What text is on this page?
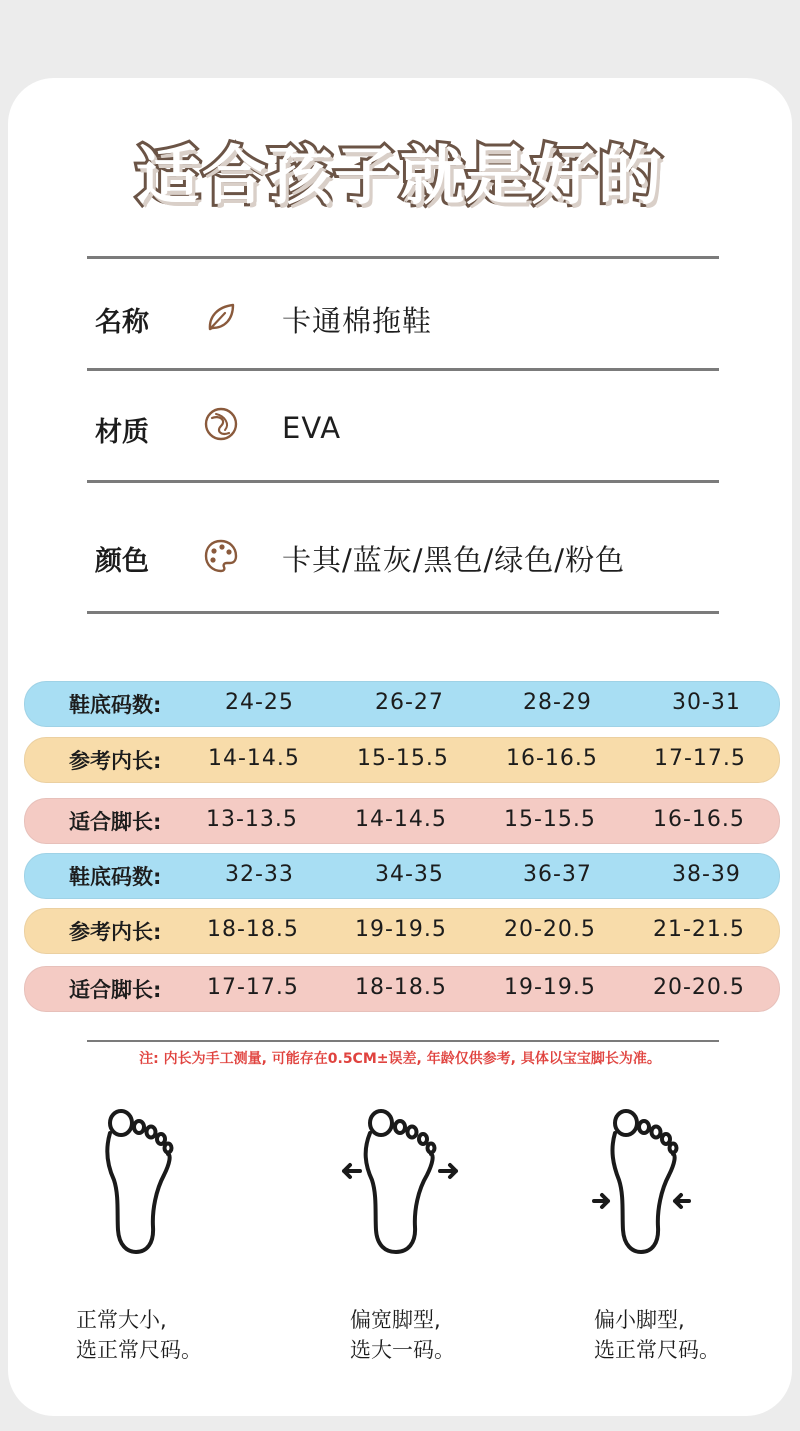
适合孩子就是好的
名称	卡通棉拖鞋
材质	EVA
颜色	卡其/蓝灰/黑色/绿色/粉色
鞋底码数:	24-25	26-27	28-29	30-31
参考内长: 14-14.5	15-15.5	16-16.5	17-17.5
适合脚长: 13-13.5	14-14.5	15-15.5	16-16.5
鞋底码数:	32-33	34-35	36-37	38-39
参考内长: 18-18.5	19-19.5	20-20.5	21-21.5
适合脚长: 17-17.5	18-18.5	19-19.5	20-20.5
注: 内长为手工测量, 可能存在0.5CM±误差, 年龄仅供参考, 具体以宝宝脚长为准。
正常大小,
选正常尺码。
偏宽脚型,
选大一码。
偏小脚型,
选正常尺码。
